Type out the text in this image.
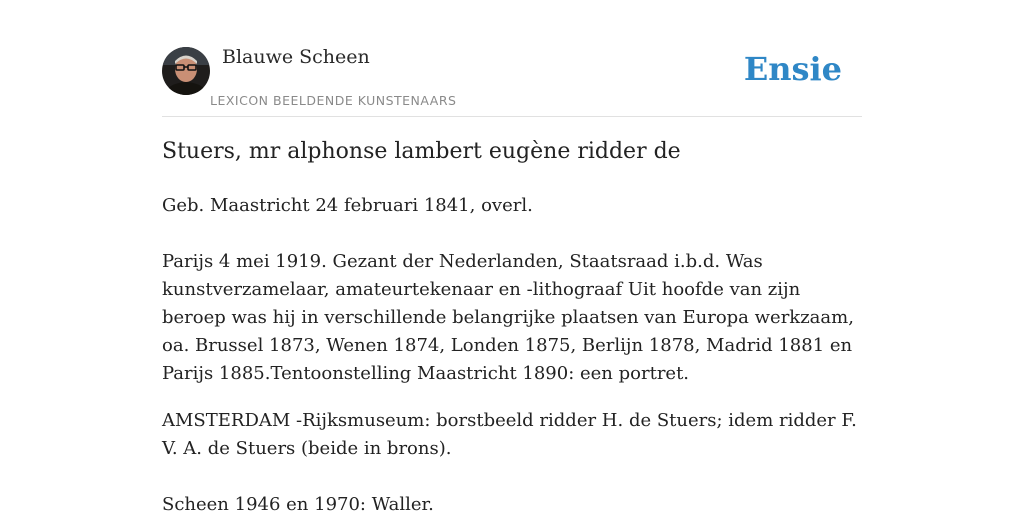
Blauwe Scheen
LEXICON BEELDENDE KUNSTENAARS
Ensie
Stuers, mr alphonse lambert eugène ridder de

Geb. Maastricht 24 februari 1841, overl.

Parijs 4 mei 1919. Gezant der Nederlanden, Staatsraad i.b.d. Was kunstverzamelaar, amateurtekenaar en -lithograaf Uit hoofde van zijn beroep was hij in verschillende belangrijke plaatsen van Europa werkzaam, oa. Brussel 1873, Wenen 1874, Londen 1875, Berlijn 1878, Madrid 1881 en Parijs 1885.Tentoonstelling Maastricht 1890: een portret.

AMSTERDAM -Rijksmuseum: borstbeeld ridder H. de Stuers; idem ridder F. V. A. de Stuers (beide in brons).

Scheen 1946 en 1970: Waller.
